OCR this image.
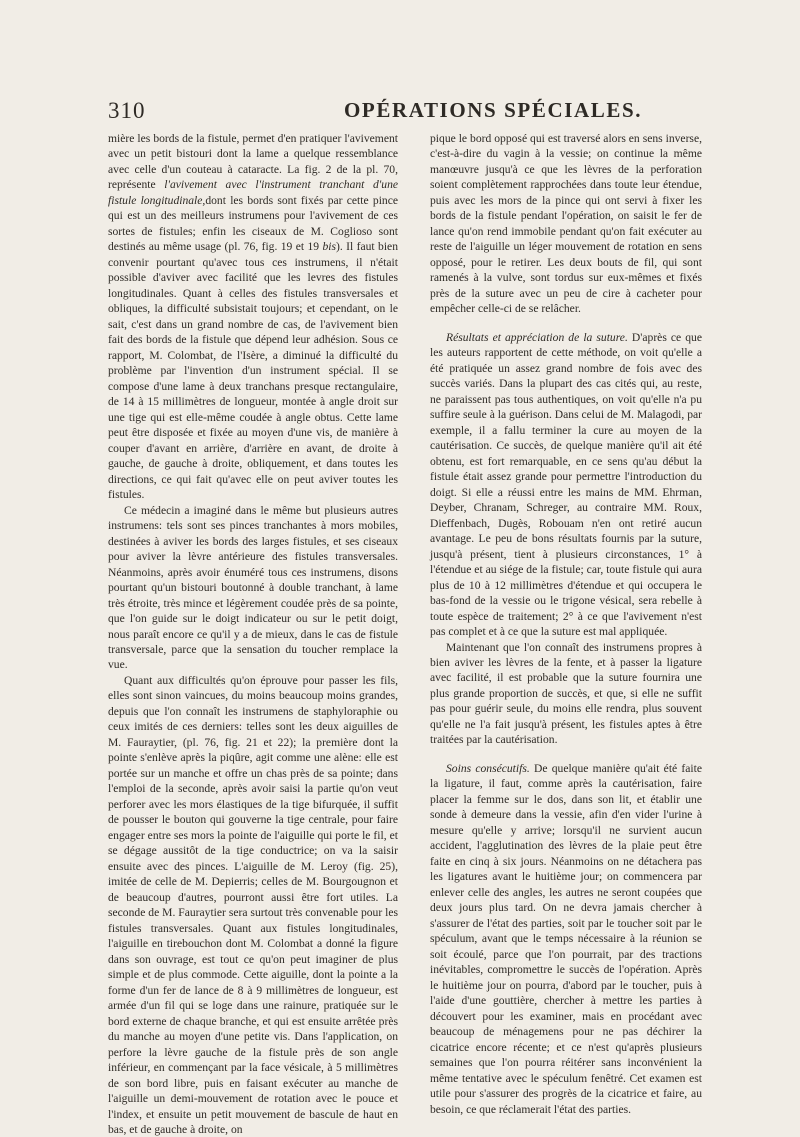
310	OPÉRATIONS SPÉCIALES.

mière les bords de la fistule, permet d'en pratiquer l'avivement avec un petit bistouri dont la lame a quelque ressemblance avec celle d'un couteau à cataracte. La fig. 2 de la pl. 70, représente l'avivement avec l'instrument tranchant d'une fistule longitudinale,dont les bords sont fixés par cette pince qui est un des meilleurs instrumens pour l'avivement de ces sortes de fistules; enfin les ciseaux de M. Coglioso sont destinés au même usage (pl. 76, fig. 19 et 19 bis). Il faut bien convenir pourtant qu'avec tous ces instrumens, il n'était possible d'aviver avec facilité que les levres des fistules longitudinales. Quant à celles des fistules transversales et obliques, la difficulté subsistait toujours; et cependant, on le sait, c'est dans un grand nombre de cas, de l'avivement bien fait des bords de la fistule que dépend leur adhésion. Sous ce rapport, M. Colombat, de l'Isère, a diminué la difficulté du problème par l'invention d'un instrument spécial. Il se compose d'une lame à deux tranchans presque rectangulaire, de 14 à 15 millimètres de longueur, montée à angle droit sur une tige qui est elle-même coudée à angle obtus. Cette lame peut être disposée et fixée au moyen d'une vis, de manière à couper d'avant en arrière, d'arrière en avant, de droite à gauche, de gauche à droite, obliquement, et dans toutes les directions, ce qui fait qu'avec elle on peut aviver toutes les fistules.

Ce médecin a imaginé dans le même but plusieurs autres instrumens: tels sont ses pinces tranchantes à mors mobiles, destinées à aviver les bords des larges fistules, et ses ciseaux pour aviver la lèvre antérieure des fistules transversales. Néanmoins, après avoir énuméré tous ces instrumens, disons pourtant qu'un bistouri boutonné à double tranchant, à lame très étroite, très mince et légèrement coudée près de sa pointe, que l'on guide sur le doigt indicateur ou sur le petit doigt, nous paraît encore ce qu'il y a de mieux, dans le cas de fistule transversale, parce que la sensation du toucher remplace la vue.

Quant aux difficultés qu'on éprouve pour passer les fils, elles sont sinon vaincues, du moins beaucoup moins grandes, depuis que l'on connaît les instrumens de staphyloraphie ou ceux imités de ces derniers: telles sont les deux aiguilles de M. Fauraytier, (pl. 76, fig. 21 et 22); la première dont la pointe s'enlève après la piqûre, agit comme une alène: elle est portée sur un manche et offre un chas près de sa pointe; dans l'emploi de la seconde, après avoir saisi la partie qu'on veut perforer avec les mors élastiques de la tige bifurquée, il suffit de pousser le bouton qui gouverne la tige centrale, pour faire engager entre ses mors la pointe de l'aiguille qui porte le fil, et se dégage aussitôt de la tige conductrice; on va la saisir ensuite avec des pinces. L'aiguille de M. Leroy (fig. 25), imitée de celle de M. Depierris; celles de M. Bourgougnon et de beaucoup d'autres, pourront aussi être fort utiles. La seconde de M. Fauraytier sera surtout très convenable pour les fistules transversales. Quant aux fistules longitudinales, l'aiguille en tirebouchon dont M. Colombat a donné la figure dans son ouvrage, est tout ce qu'on peut imaginer de plus simple et de plus commode. Cette aiguille, dont la pointe a la forme d'un fer de lance de 8 à 9 millimètres de longueur, est armée d'un fil qui se loge dans une rainure, pratiquée sur le bord externe de chaque branche, et qui est ensuite arrêtée près du manche au moyen d'une petite vis. Dans l'application, on perfore la lèvre gauche de la fistule près de son angle inférieur, en commençant par la face vésicale, à 5 millimètres de son bord libre, puis en faisant exécuter au manche de l'aiguille un demi-mouvement de rotation avec le pouce et l'index, et ensuite un petit mouvement de bascule de haut en bas, et de gauche à droite, on

pique le bord opposé qui est traversé alors en sens inverse, c'est-à-dire du vagin à la vessie; on continue la même manœuvre jusqu'à ce que les lèvres de la perforation soient complètement rapprochées dans toute leur étendue, puis avec les mors de la pince qui ont servi à fixer les bords de la fistule pendant l'opération, on saisit le fer de lance qu'on rend immobile pendant qu'on fait exécuter au reste de l'aiguille un léger mouvement de rotation en sens opposé, pour le retirer. Les deux bouts de fil, qui sont ramenés à la vulve, sont tordus sur eux-mêmes et fixés près de la suture avec un peu de cire à cacheter pour empêcher celle-ci de se relâcher.

Résultats et appréciation de la suture. D'après ce que les auteurs rapportent de cette méthode, on voit qu'elle a été pratiquée un assez grand nombre de fois avec des succès variés. Dans la plupart des cas cités qui, au reste, ne paraissent pas tous authentiques, on voit qu'elle n'a pu suffire seule à la guérison. Dans celui de M. Malagodi, par exemple, il a fallu terminer la cure au moyen de la cautérisation. Ce succès, de quelque manière qu'il ait été obtenu, est fort remarquable, en ce sens qu'au début la fistule était assez grande pour permettre l'introduction du doigt. Si elle a réussi entre les mains de MM. Ehrman, Deyber, Chranam, Schreger, au contraire MM. Roux, Dieffenbach, Dugès, Robouam n'en ont retiré aucun avantage. Le peu de bons résultats fournis par la suture, jusqu'à présent, tient à plusieurs circonstances, 1° à l'étendue et au siége de la fistule; car, toute fistule qui aura plus de 10 à 12 millimètres d'étendue et qui occupera le bas-fond de la vessie ou le trigone vésical, sera rebelle à toute espèce de traitement; 2° à ce que l'avivement n'est pas complet et à ce que la suture est mal appliquée.

Maintenant que l'on connaît des instrumens propres à bien aviver les lèvres de la fente, et à passer la ligature avec facilité, il est probable que la suture fournira une plus grande proportion de succès, et que, si elle ne suffit pas pour guérir seule, du moins elle rendra, plus souvent qu'elle ne l'a fait jusqu'à présent, les fistules aptes à être traitées par la cautérisation.

Soins consécutifs. De quelque manière qu'ait été faite la ligature, il faut, comme après la cautérisation, faire placer la femme sur le dos, dans son lit, et établir une sonde à demeure dans la vessie, afin d'en vider l'urine à mesure qu'elle y arrive; lorsqu'il ne survient aucun accident, l'agglutination des lèvres de la plaie peut être faite en cinq à six jours. Néanmoins on ne détachera pas les ligatures avant le huitième jour; on commencera par enlever celle des angles, les autres ne seront coupées que deux jours plus tard. On ne devra jamais chercher à s'assurer de l'état des parties, soit par le toucher soit par le spéculum, avant que le temps nécessaire à la réunion se soit écoulé, parce que l'on pourrait, par des tractions inévitables, compromettre le succès de l'opération. Après le huitième jour on pourra, d'abord par le toucher, puis à l'aide d'une gouttière, chercher à mettre les parties à découvert pour les examiner, mais en procédant avec beaucoup de ménagemens pour ne pas déchirer la cicatrice encore récente; et ce n'est qu'après plusieurs semaines que l'on pourra réitérer sans inconvénient la même tentative avec le spéculum fenêtré. Cet examen est utile pour s'assurer des progrès de la cicatrice et faire, au besoin, ce que réclamerait l'état des parties.
